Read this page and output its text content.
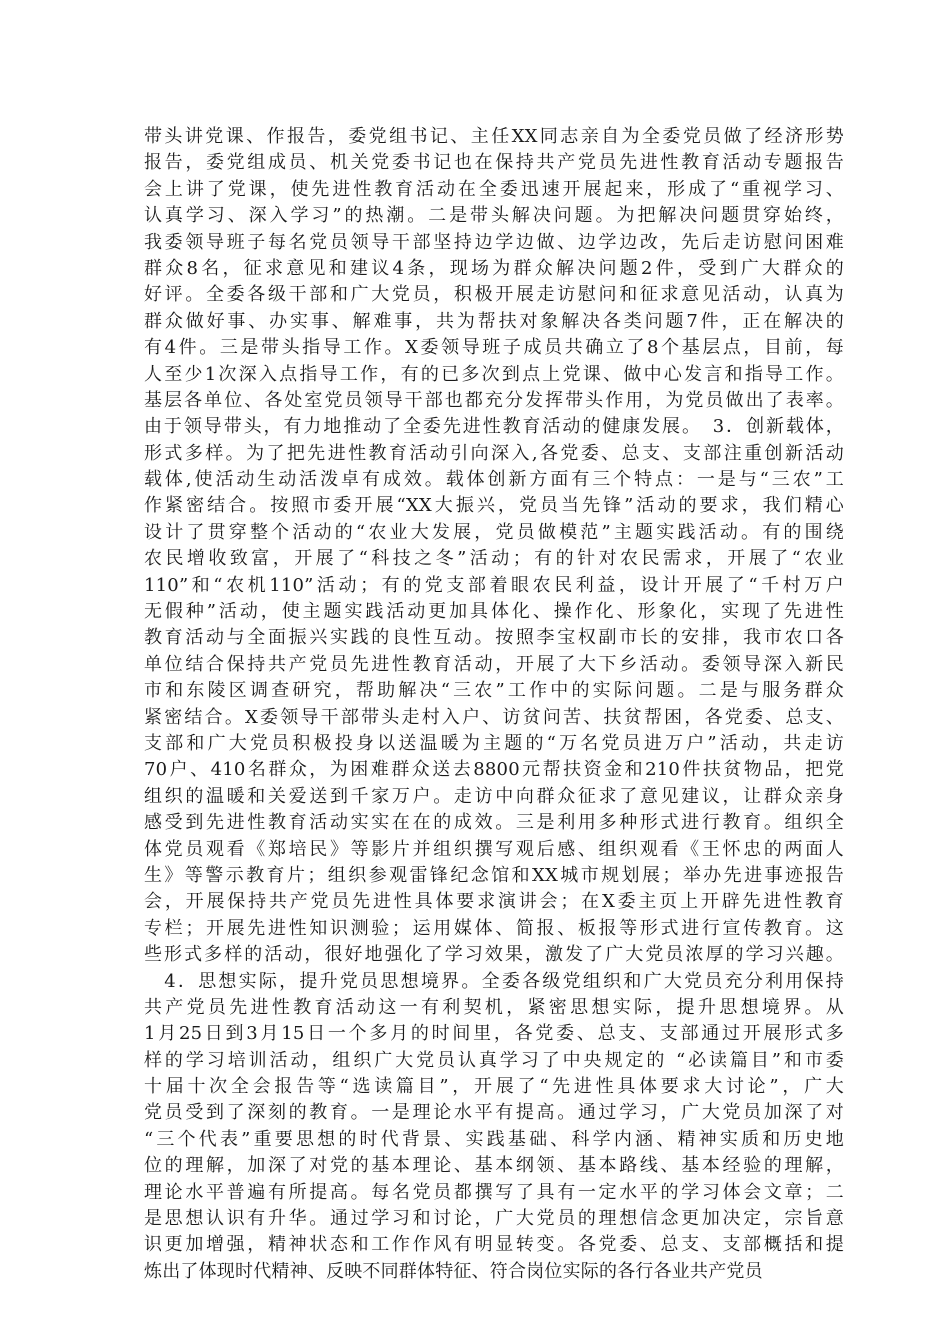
带头讲党课、作报告，委党组书记、主任XX同志亲自为全委党员做了经济形势
报告，委党组成员、机关党委书记也在保持共产党员先进性教育活动专题报告
会上讲了党课，使先进性教育活动在全委迅速开展起来，形成了“重视学习、
认真学习、深入学习”的热潮。二是带头解决问题。为把解决问题贯穿始终，
我委领导班子每名党员领导干部坚持边学边做、边学边改，先后走访慰问困难
群众8名，征求意见和建议4条，现场为群众解决问题2件，受到广大群众的
好评。全委各级干部和广大党员，积极开展走访慰问和征求意见活动，认真为
群众做好事、办实事、解难事，共为帮扶对象解决各类问题7件，正在解决的
有4件。三是带头指导工作。X委领导班子成员共确立了8个基层点，目前，每
人至少1次深入点指导工作，有的已多次到点上党课、做中心发言和指导工作。
基层各单位、各处室党员领导干部也都充分发挥带头作用，为党员做出了表率。
由于领导带头，有力地推动了全委先进性教育活动的健康发展。　3．创新载体，
形式多样。为了把先进性教育活动引向深入,各党委、总支、支部注重创新活动
载体,使活动生动活泼卓有成效。载体创新方面有三个特点：一是与“三农”工
作紧密结合。按照市委开展“XX大振兴，党员当先锋”活动的要求，我们精心
设计了贯穿整个活动的“农业大发展，党员做模范”主题实践活动。有的围绕
农民增收致富，开展了“科技之冬”活动；有的针对农民需求，开展了“农业
110”和“农机110”活动；有的党支部着眼农民利益，设计开展了“千村万户
无假种”活动，使主题实践活动更加具体化、操作化、形象化，实现了先进性
教育活动与全面振兴实践的良性互动。按照李宝权副市长的安排，我市农口各
单位结合保持共产党员先进性教育活动，开展了大下乡活动。委领导深入新民
市和东陵区调查研究，帮助解决“三农”工作中的实际问题。二是与服务群众
紧密结合。X委领导干部带头走村入户、访贫问苦、扶贫帮困，各党委、总支、
支部和广大党员积极投身以送温暖为主题的“万名党员进万户”活动，共走访
70户、410名群众，为困难群众送去8800元帮扶资金和210件扶贫物品，把党
组织的温暖和关爱送到千家万户。走访中向群众征求了意见建议，让群众亲身
感受到先进性教育活动实实在在的成效。三是利用多种形式进行教育。组织全
体党员观看《郑培民》等影片并组织撰写观后感、组织观看《王怀忠的两面人
生》等警示教育片；组织参观雷锋纪念馆和XX城市规划展；举办先进事迹报告
会，开展保持共产党员先进性具体要求演讲会；在X委主页上开辟先进性教育
专栏；开展先进性知识测验；运用媒体、简报、板报等形式进行宣传教育。这
些形式多样的活动，很好地强化了学习效果，激发了广大党员浓厚的学习兴趣。
　4．思想实际，提升党员思想境界。全委各级党组织和广大党员充分利用保持
共产党员先进性教育活动这一有利契机，紧密思想实际，提升思想境界。从
1月25日到3月15日一个多月的时间里，各党委、总支、支部通过开展形式多
样的学习培训活动，组织广大党员认真学习了中央规定的 “必读篇目”和市委
十届十次全会报告等“选读篇目”，开展了“先进性具体要求大讨论”，广大
党员受到了深刻的教育。一是理论水平有提高。通过学习，广大党员加深了对
“三个代表”重要思想的时代背景、实践基础、科学内涵、精神实质和历史地
位的理解，加深了对党的基本理论、基本纲领、基本路线、基本经验的理解，
理论水平普遍有所提高。每名党员都撰写了具有一定水平的学习体会文章；二
是思想认识有升华。通过学习和讨论，广大党员的理想信念更加决定，宗旨意
识更加增强，精神状态和工作作风有明显转变。各党委、总支、支部概括和提
炼出了体现时代精神、反映不同群体特征、符合岗位实际的各行各业共产党员
